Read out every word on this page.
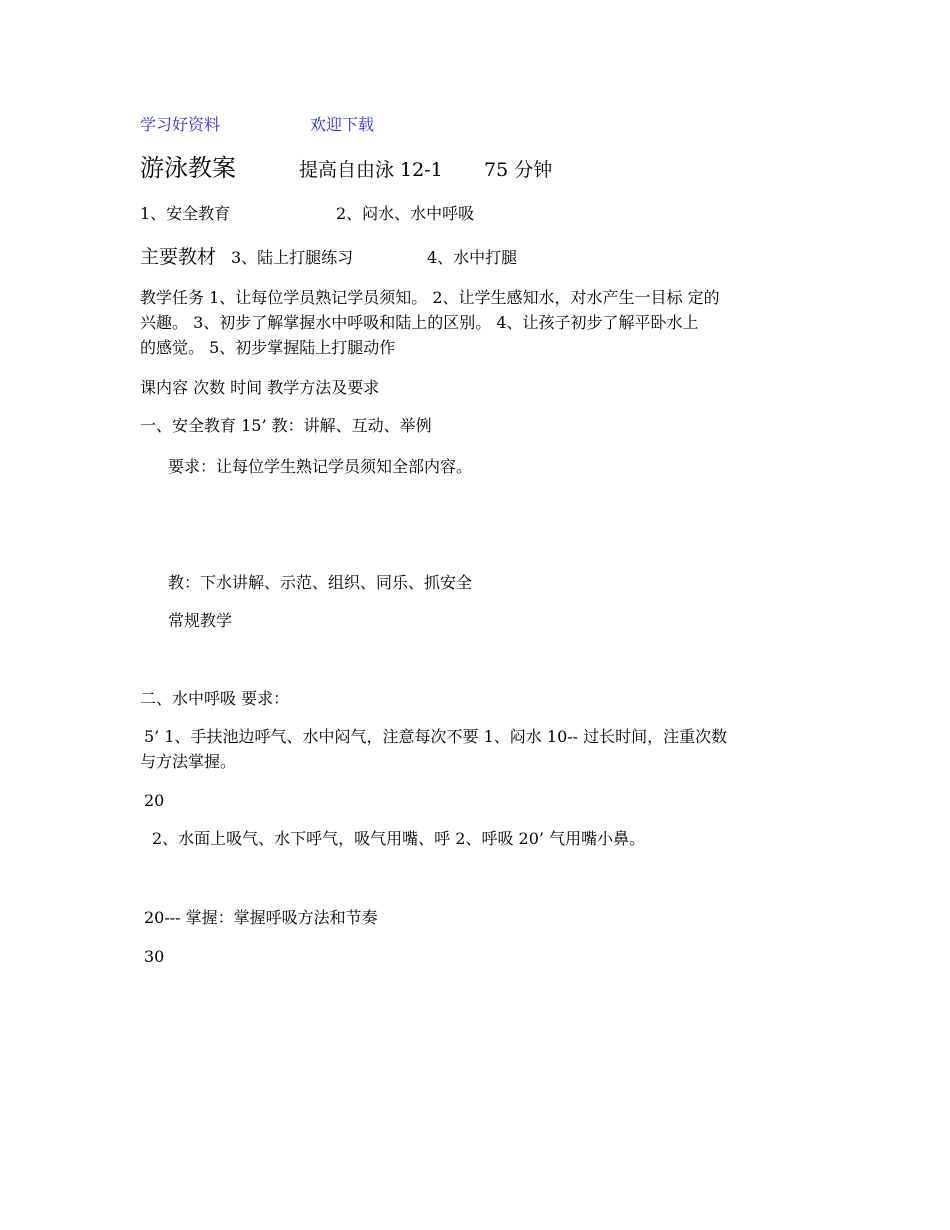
学习好资料	欢迎下载
游泳教案	提高自由泳 12-1 75 分钟
1、安全教育	2、闷水、水中呼吸
主要教材 3、陆上打腿练习	4、水中打腿
教学任务 1、让每位学员熟记学员须知。 2、让学生感知水，对水产生一目标 定的
兴趣。 3、初步了解掌握水中呼吸和陆上的区别。 4、让孩子初步了解平卧水上
的感觉。 5、初步掌握陆上打腿动作
课内容 次数 时间 教学方法及要求
一、安全教育 15’ 教：讲解、互动、举例
要求：让每位学生熟记学员须知全部内容。
教：下水讲解、示范、组织、同乐、抓安全
常规教学
二、水中呼吸 要求：
5’ 1、手扶池边呼气、水中闷气，注意每次不要 1、闷水 10-- 过长时间，注重次数
与方法掌握。
20
2、水面上吸气、水下呼气，吸气用嘴、呼 2、呼吸 20’ 气用嘴小鼻。
20--- 掌握：掌握呼吸方法和节奏
30
